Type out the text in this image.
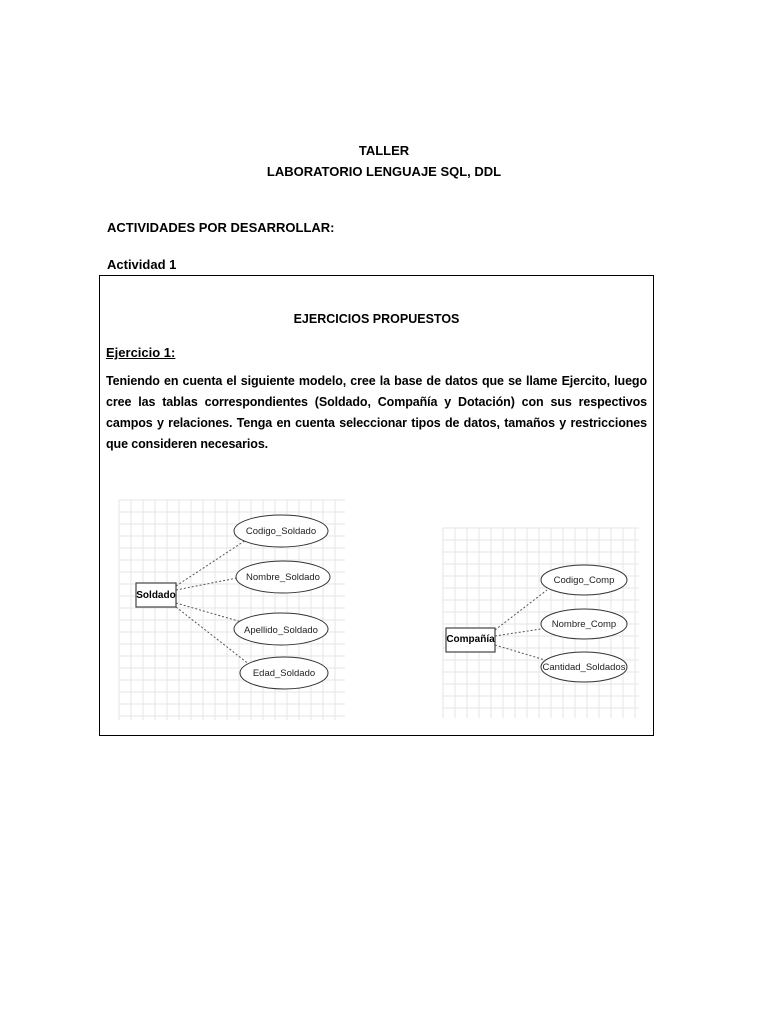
TALLER
LABORATORIO LENGUAJE SQL, DDL
ACTIVIDADES POR DESARROLLAR:
Actividad 1
EJERCICIOS PROPUESTOS
Ejercicio 1:
Teniendo en cuenta el siguiente modelo, cree la base de datos que se llame Ejercito, luego cree las tablas correspondientes (Soldado, Compañía y Dotación) con sus respectivos campos y relaciones. Tenga en cuenta seleccionar tipos de datos, tamaños y restricciones que consideren necesarios.
Soldado
Codigo_Soldado
Nombre_Soldado
Apellido_Soldado
Edad_Soldado
Compañía
Codigo_Comp
Nombre_Comp
Cantidad_Soldados
